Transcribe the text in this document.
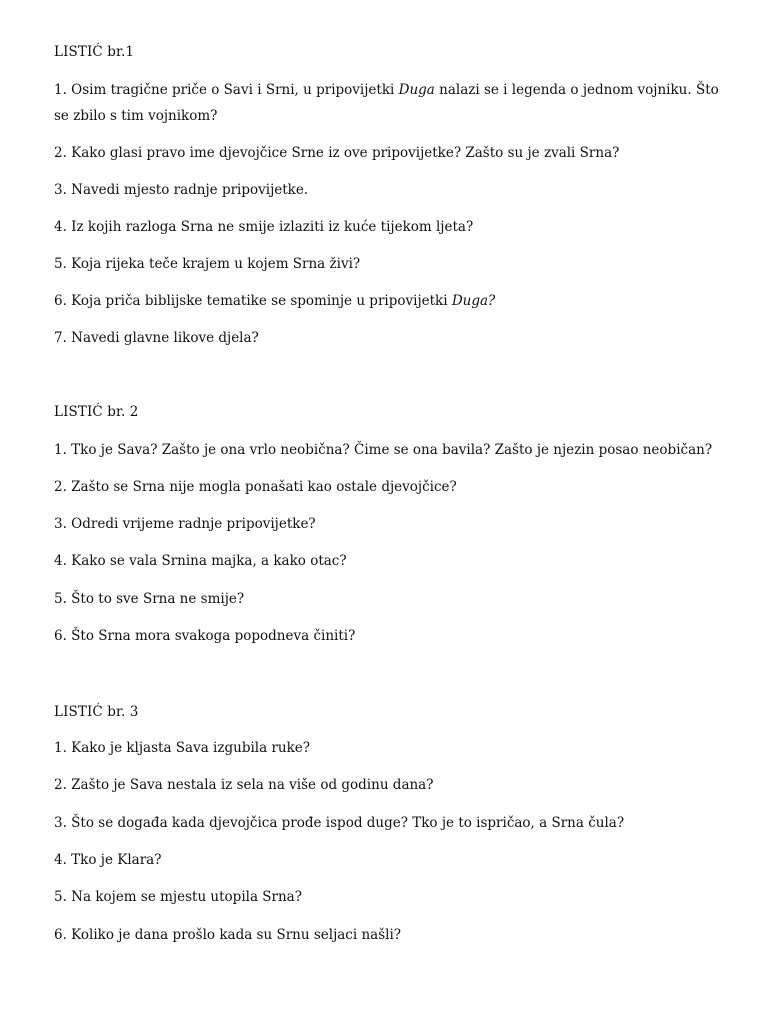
LISTIĆ br.1
1. Osim tragične priče o Savi i Srni, u pripovijetki Duga nalazi se i legenda o jednom vojniku. Što se zbilo s tim vojnikom?
2. Kako glasi pravo ime djevojčice Srne iz ove pripovijetke? Zašto su je zvali Srna?
3. Navedi mjesto radnje pripovijetke.
4. Iz kojih razloga Srna ne smije izlaziti iz kuće tijekom ljeta?
5. Koja rijeka teče krajem u kojem Srna živi?
6. Koja priča biblijske tematike se spominje u pripovijetki Duga?
7. Navedi glavne likove djela?
LISTIĆ br. 2
1. Tko je Sava? Zašto je ona vrlo neobična? Čime se ona bavila? Zašto je njezin posao neobičan?
2. Zašto se Srna nije mogla ponašati kao ostale djevojčice?
3. Odredi vrijeme radnje pripovijetke?
4. Kako se vala Srnina majka, a kako otac?
5. Što to sve Srna ne smije?
6. Što Srna mora svakoga popodneva činiti?
LISTIĆ br. 3
1. Kako je kljasta Sava izgubila ruke?
2. Zašto je Sava nestala iz sela na više od godinu dana?
3. Što se događa kada djevojčica prođe ispod duge? Tko je to ispričao, a Srna čula?
4. Tko je Klara?
5. Na kojem se mjestu utopila Srna?
6. Koliko je dana prošlo kada su Srnu seljaci našli?
